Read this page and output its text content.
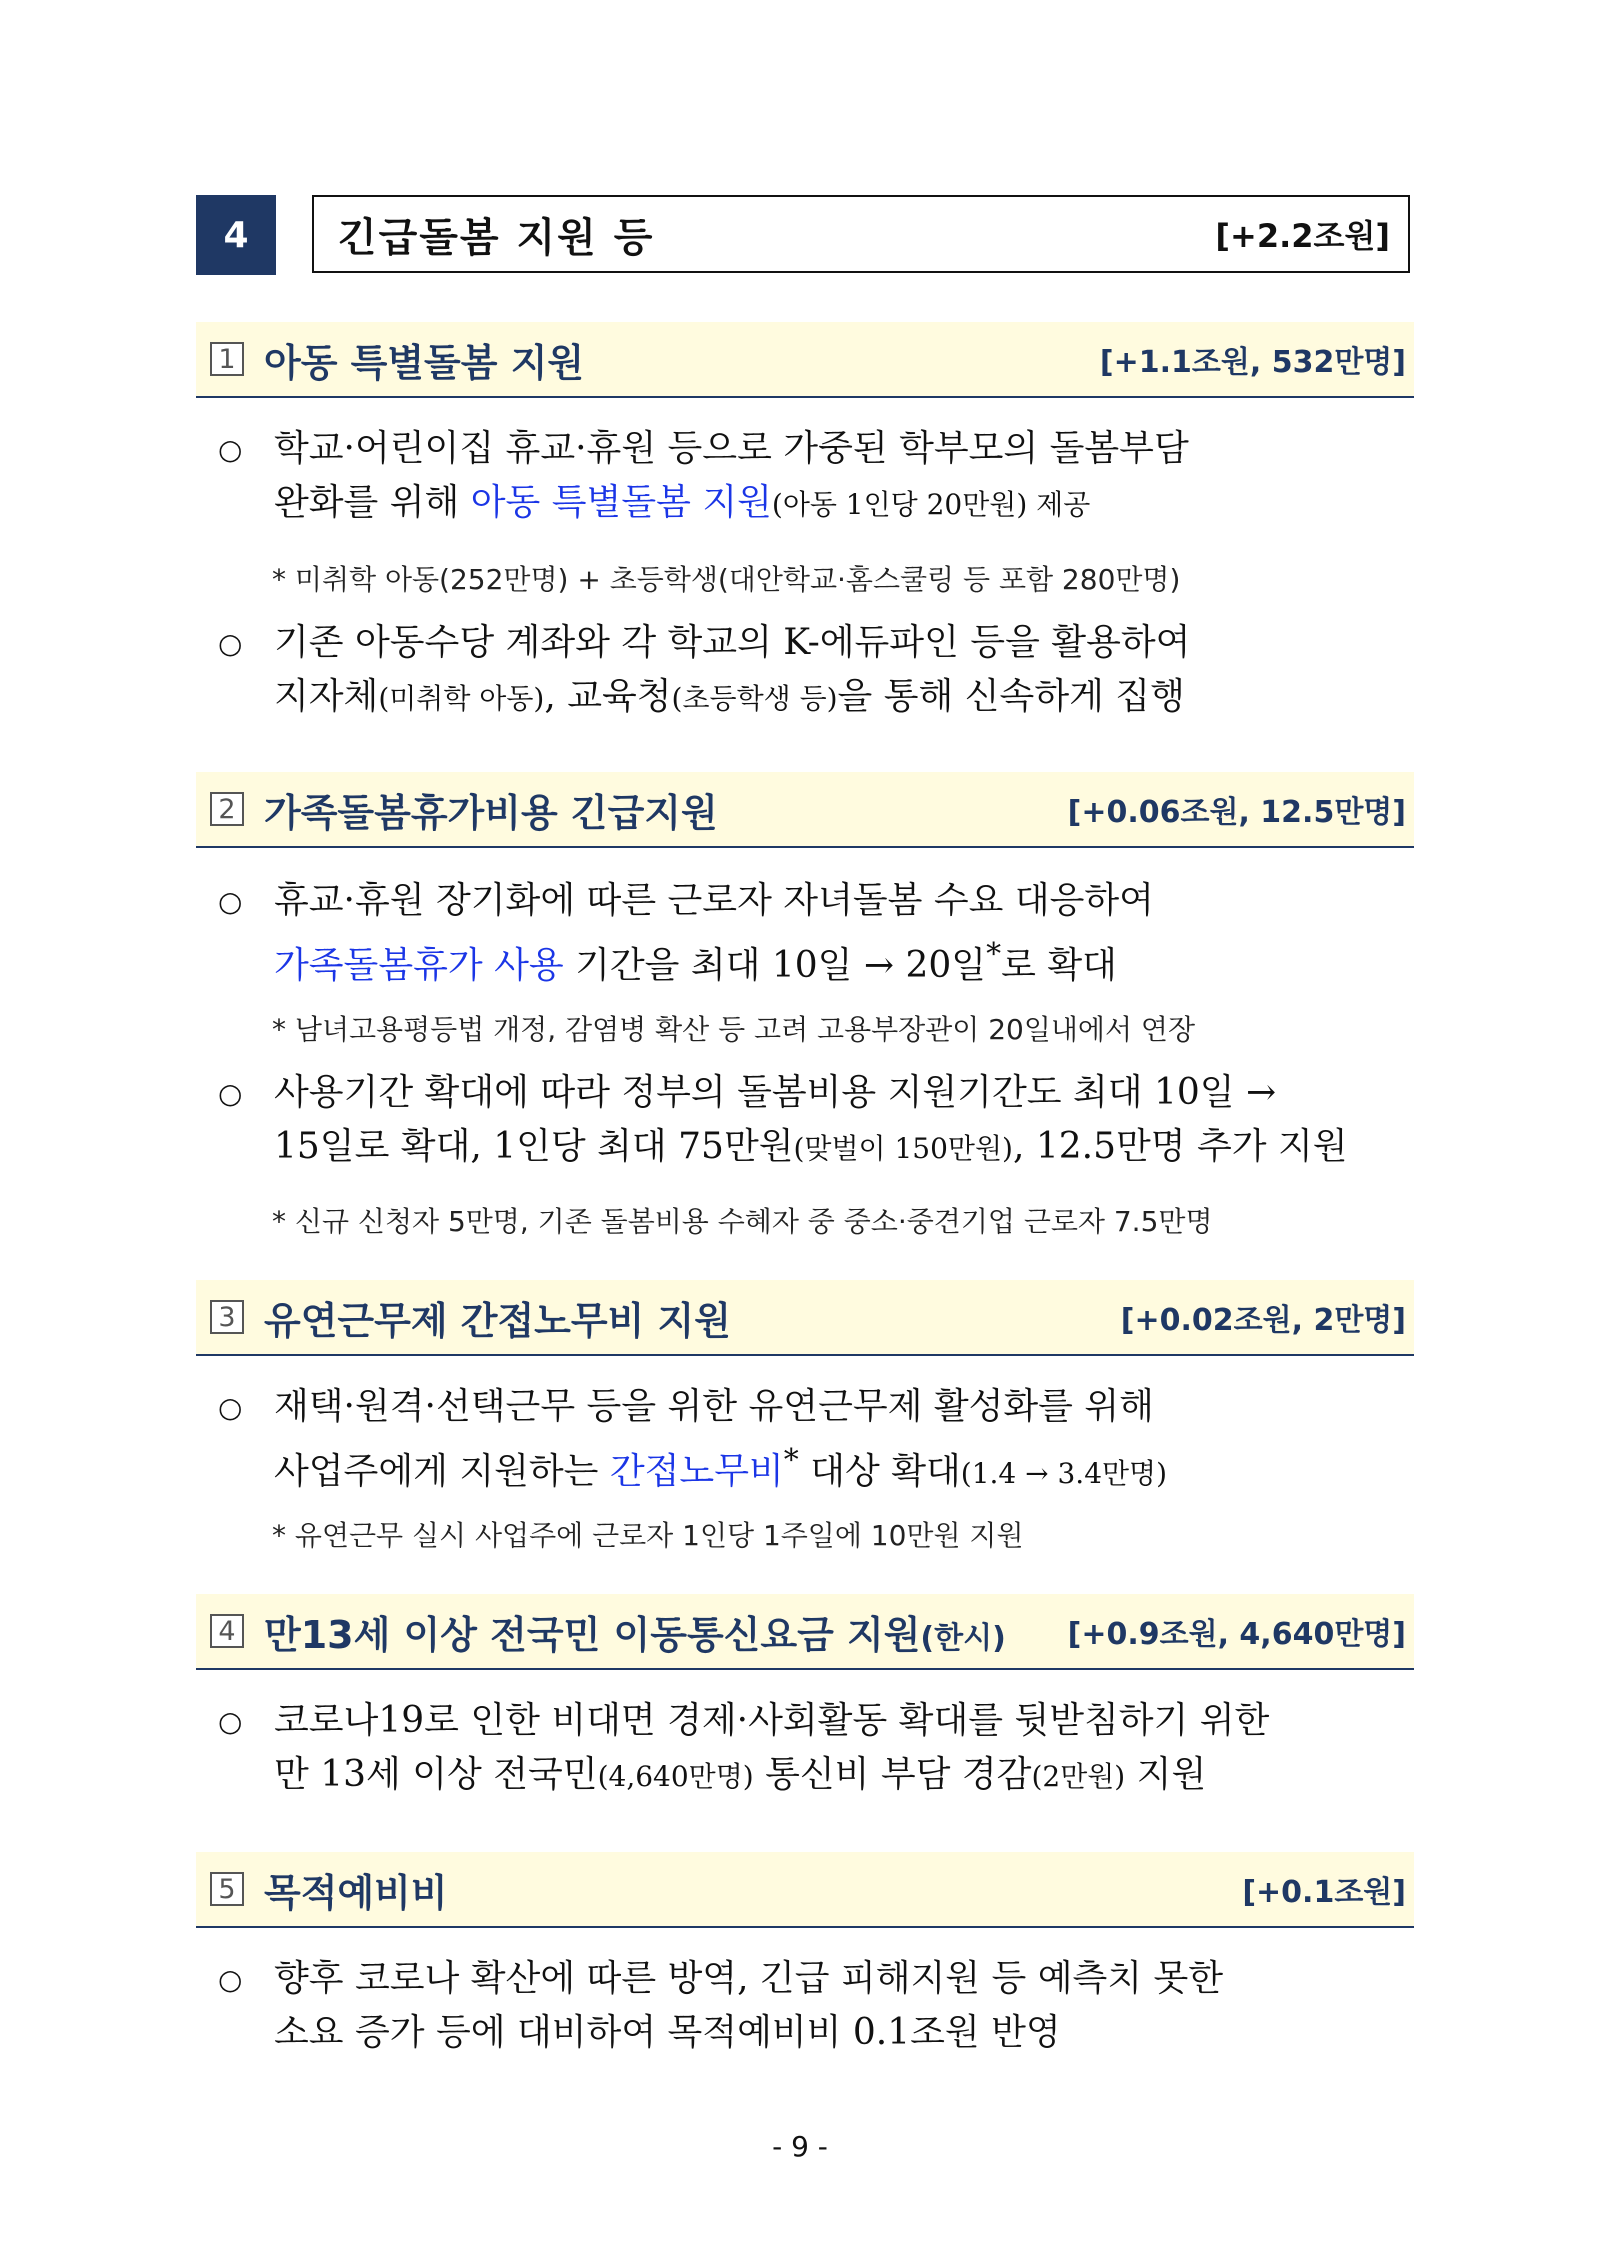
4	긴급돌봄 지원 등	[+2.2조원]
1 아동 특별돌봄 지원	[+1.1조원, 532만명]
○ 학교·어린이집 휴교·휴원 등으로 가중된 학부모의 돌봄부담
완화를 위해 아동 특별돌봄 지원(아동 1인당 20만원) 제공
* 미취학 아동(252만명) + 초등학생(대안학교·홈스쿨링 등 포함 280만명)
○ 기존 아동수당 계좌와 각 학교의 K-에듀파인 등을 활용하여
지자체(미취학 아동), 교육청(초등학생 등)을 통해 신속하게 집행
2 가족돌봄휴가비용 긴급지원	[+0.06조원, 12.5만명]
○ 휴교·휴원 장기화에 따른 근로자 자녀돌봄 수요 대응하여
가족돌봄휴가 사용 기간을 최대 10일 → 20일*로 확대
* 남녀고용평등법 개정, 감염병 확산 등 고려 고용부장관이 20일내에서 연장
○ 사용기간 확대에 따라 정부의 돌봄비용 지원기간도 최대 10일 →
15일로 확대, 1인당 최대 75만원(맞벌이 150만원), 12.5만명 추가 지원
* 신규 신청자 5만명, 기존 돌봄비용 수혜자 중 중소·중견기업 근로자 7.5만명
3 유연근무제 간접노무비 지원	[+0.02조원, 2만명]
○ 재택·원격·선택근무 등을 위한 유연근무제 활성화를 위해
사업주에게 지원하는 간접노무비* 대상 확대(1.4 → 3.4만명)
* 유연근무 실시 사업주에 근로자 1인당 1주일에 10만원 지원
4 만13세 이상 전국민 이동통신요금 지원(한시) [+0.9조원, 4,640만명]
○ 코로나19로 인한 비대면 경제·사회활동 확대를 뒷받침하기 위한
만 13세 이상 전국민(4,640만명) 통신비 부담 경감(2만원) 지원
5 목적예비비	[+0.1조원]
○ 향후 코로나 확산에 따른 방역, 긴급 피해지원 등 예측치 못한
소요 증가 등에 대비하여 목적예비비 0.1조원 반영
- 9 -
